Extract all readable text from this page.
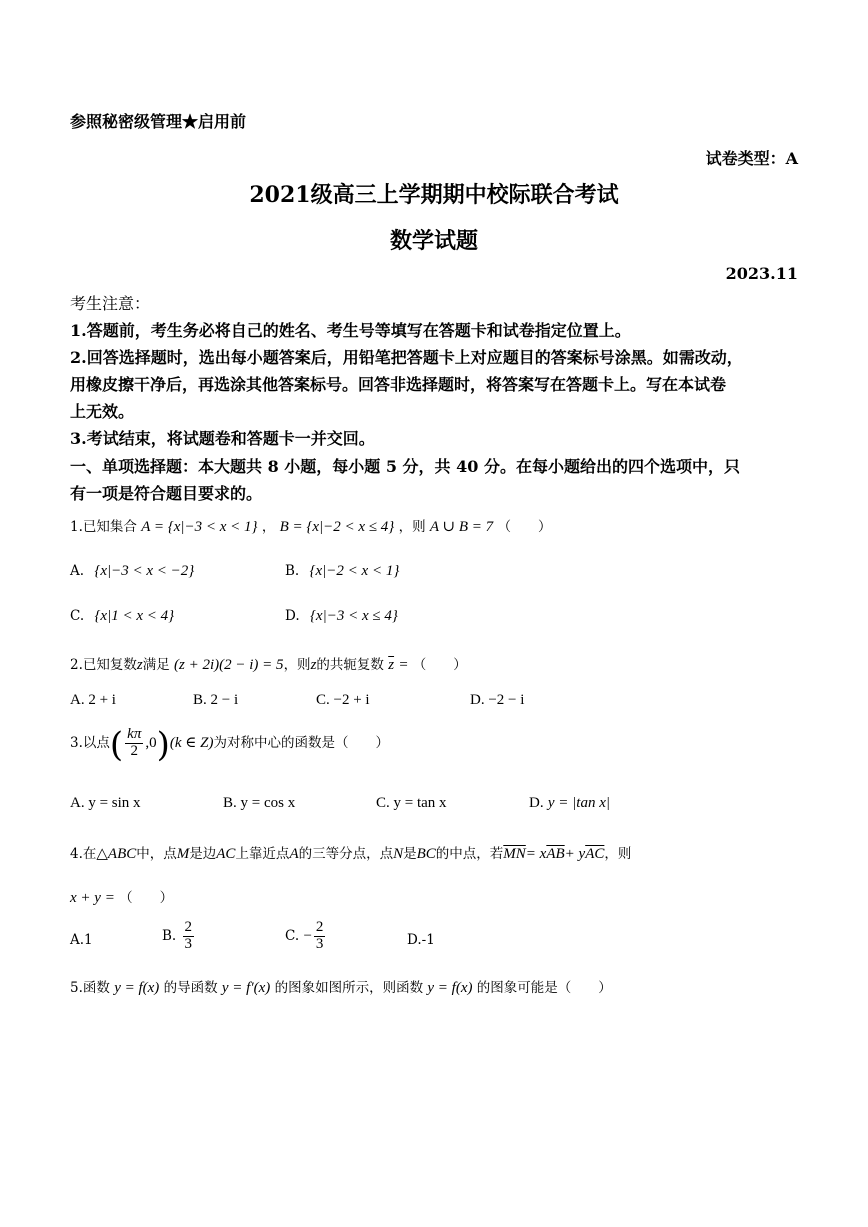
参照秘密级管理★启用前
试卷类型：A
2021级高三上学期期中校际联合考试
数学试题
2023.11
考生注意：
1.答题前，考生务必将自己的姓名、考生号等填写在答题卡和试卷指定位置上。
2.回答选择题时，选出每小题答案后，用铅笔把答题卡上对应题目的答案标号涂黑。如需改动，
用橡皮擦干净后，再选涂其他答案标号。回答非选择题时，将答案写在答题卡上。写在本试卷
上无效。
3.考试结束，将试题卷和答题卡一并交回。
一、单项选择题：本大题共 8 小题，每小题 5 分，共 40 分。在每小题给出的四个选项中，只
有一项是符合题目要求的。
1.已知集合 A = {x|−3 < x < 1} ， B = {x|−2 < x ≤ 4} ，则 A ∪ B = 7 （　　）
A. {x|−3 < x < −2}	B. {x|−2 < x < 1}
C. {x|1 < x < 4}	D. {x|−3 < x ≤ 4}
2.已知复数z满足 (z + 2i)(2 − i) = 5，则z的共轭复数 $\overline{z}$ = （　　）
A. 2 + i	B. 2 − i	C. −2 + i	D. −2 − i
3.以点( $\frac{k\pi}{2} ,0)(k$ ∈ Z)为对称中心的函数是（　　）
A. y = sin x	B. y = cos x	C. y = tan x	D. y = |tan x|
4.在△ABC中，点M是边AC上靠近点A的三等分点，点N是BC的中点，若$\overline{MN}= x\overline{AB}+ y\overline{AC}$，则
x + y = （　　）
A.1	B. $\frac{2}{3}$	C. − $\frac{2}{3}$	D.-1
5.函数 y = f(x) 的导函数 y = f′(x) 的图象如图所示，则函数 y = f(x) 的图象可能是（　　）
